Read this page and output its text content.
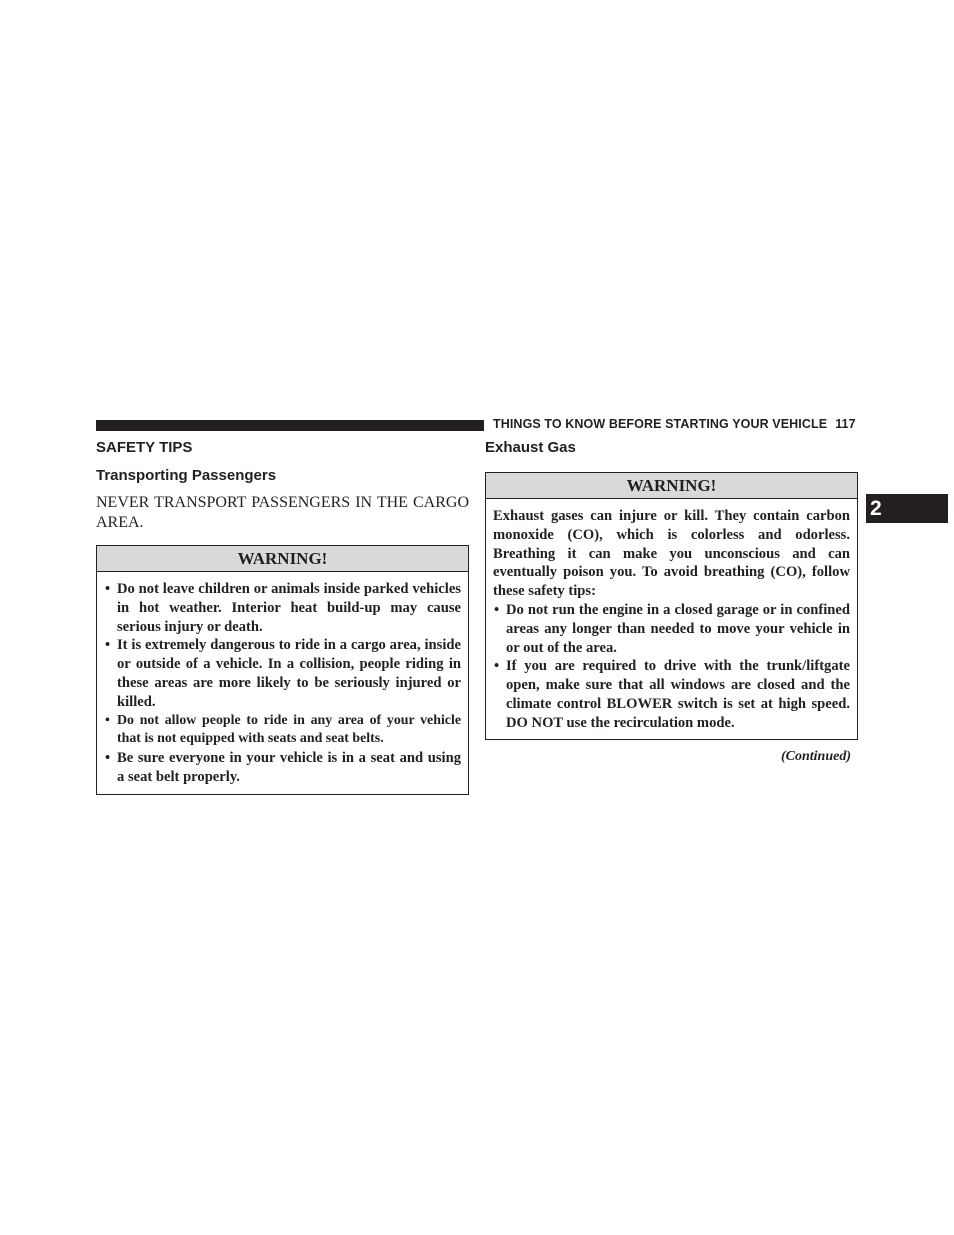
THINGS TO KNOW BEFORE STARTING YOUR VEHICLE 117
SAFETY TIPS
Transporting Passengers
NEVER TRANSPORT PASSENGERS IN THE CARGO AREA.
WARNING!
• Do not leave children or animals inside parked vehicles in hot weather. Interior heat build-up may cause serious injury or death.
• It is extremely dangerous to ride in a cargo area, inside or outside of a vehicle. In a collision, people riding in these areas are more likely to be seriously injured or killed.
• Do not allow people to ride in any area of your vehicle that is not equipped with seats and seat belts.
• Be sure everyone in your vehicle is in a seat and using a seat belt properly.
Exhaust Gas
WARNING!

Exhaust gases can injure or kill. They contain carbon monoxide (CO), which is colorless and odorless. Breathing it can make you unconscious and can eventually poison you. To avoid breathing (CO), follow these safety tips:

• Do not run the engine in a closed garage or in confined areas any longer than needed to move your vehicle in or out of the area.
• If you are required to drive with the trunk/liftgate open, make sure that all windows are closed and the climate control BLOWER switch is set at high speed. DO NOT use the recirculation mode.
(Continued)
2
